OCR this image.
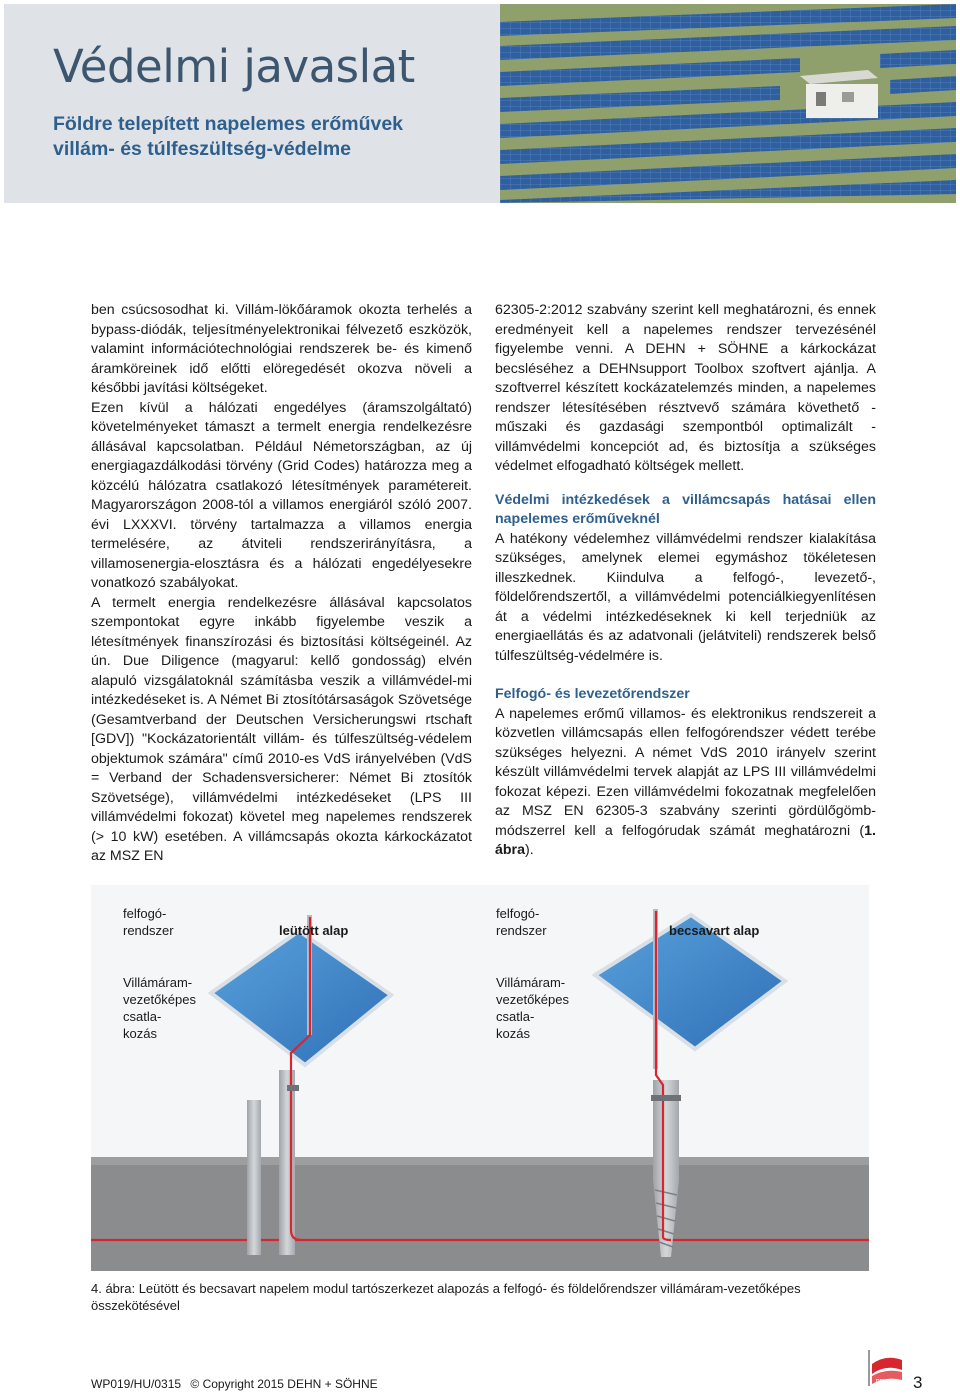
Védelmi javaslat
Földre telepített napelemes erőművek
villám- és túlfeszültség-védelme

ben csúcsosodhat ki. Villám-lökőáramok okozta terhelés a bypass-diódák, teljesítményelektronikai félvezető eszközök, valamint információtechnológiai rendszerek be- és kimenő áramköreinek idő előtti elöregedését okozva növeli a későbbi javítási költségeket.

Ezen kívül a hálózati engedélyes (áramszolgáltató) követelményeket támaszt a termelt energia rendelkezésre állásával kapcsolatban. Például Németországban, az új energiagazdálkodási törvény (Grid Codes) határozza meg a közcélú hálózatra csatlakozó létesítmények paramétereit. Magyarországon 2008-tól a villamos energiáról szóló 2007. évi LXXXVI. törvény tartalmazza a villamos energia termelésére, az átviteli rendszerirányításra, a villamosenergia-elosztásra és a hálózati engedélyesekre vonatkozó szabályokat.

A termelt energia rendelkezésre állásával kapcsolatos szempontokat egyre inkább figyelembe veszik a létesítmények finanszírozási és biztosítási költségeinél. Az ún. Due Diligence (magyarul: kellő gondosság) elvén alapuló vizsgálatoknál számításba veszik a villámvédel-mi intézkedéseket is. A Német Bi ztosítótársaságok Szövetsége (Gesamtverband der Deutschen Versicherungswi rtschaft [GDV]) "Kockázatorientált villám- és túlfeszültség-védelem objektumok számára" című 2010-es VdS irányelvében (VdS = Verband der Schadensversicherer: Német Bi ztosítók Szövetsége), villámvédelmi intézkedéseket (LPS III villámvédelmi fokozat) követel meg napelemes rendszerek (> 10 kW) esetében. A villámcsapás okozta kárkockázatot az MSZ EN

62305-2:2012 szabvány szerint kell meghatározni, és ennek eredményeit kell a napelemes rendszer tervezésénél figyelembe venni. A DEHN + SÖHNE a kárkockázat becsléséhez a DEHNsupport Toolbox szoftvert ajánlja. A szoftverrel készített kockázatelemzés minden, a napelemes rendszer létesítésében résztvevő számára követhető - műszaki és gazdasági szempontból optimalizált - villámvédelmi koncepciót ad, és biztosítja a szükséges védelmet elfogadható költségek mellett.

Védelmi intézkedések a villámcsapás hatásai ellen napelemes erőműveknél

A hatékony védelemhez villámvédelmi rendszer kialakítása szükséges, amelynek elemei egymáshoz tökéletesen illeszkednek. Kiindulva a felfogó-, levezető-, földelőrendszertől, a villámvédelmi potenciálkiegyenlítésen át a védelmi intézkedéseknek ki kell terjedniük az energiaellátás és az adatvonali (jelátviteli) rendszerek belső túlfeszültség-védelmére is.

Felfogó- és levezetőrendszer

A napelemes erőmű villamos- és elektronikus rendszereit a közvetlen villámcsapás ellen felfogórendszer védett terébe szükséges helyezni. A német VdS 2010 irányelv szerint készült villámvédelmi tervek alapját az LPS III villámvédelmi fokozat képezi. Ezen villámvédelmi fokozatnak megfelelően az MSZ EN 62305-3 szabvány szerinti gördülőgömb-módszerrel kell a felfogórudak számát meghatározni (1. ábra).

felfogó-
rendszer	leütött alap
Villámáram-
vezetőképes
csatla-
kozás
felfogó-
rendszer	becsavart alap
Villámáram-
vezetőképes
csatla-
kozás
4. ábra: Leütött és becsavart napelem modul tartószerkezet alapozás a felfogó- és földelőrendszer villámáram-vezetőképes összekötésével
WP019/HU/0315 © Copyright 2015 DEHN + SÖHNE	DEHN 3
